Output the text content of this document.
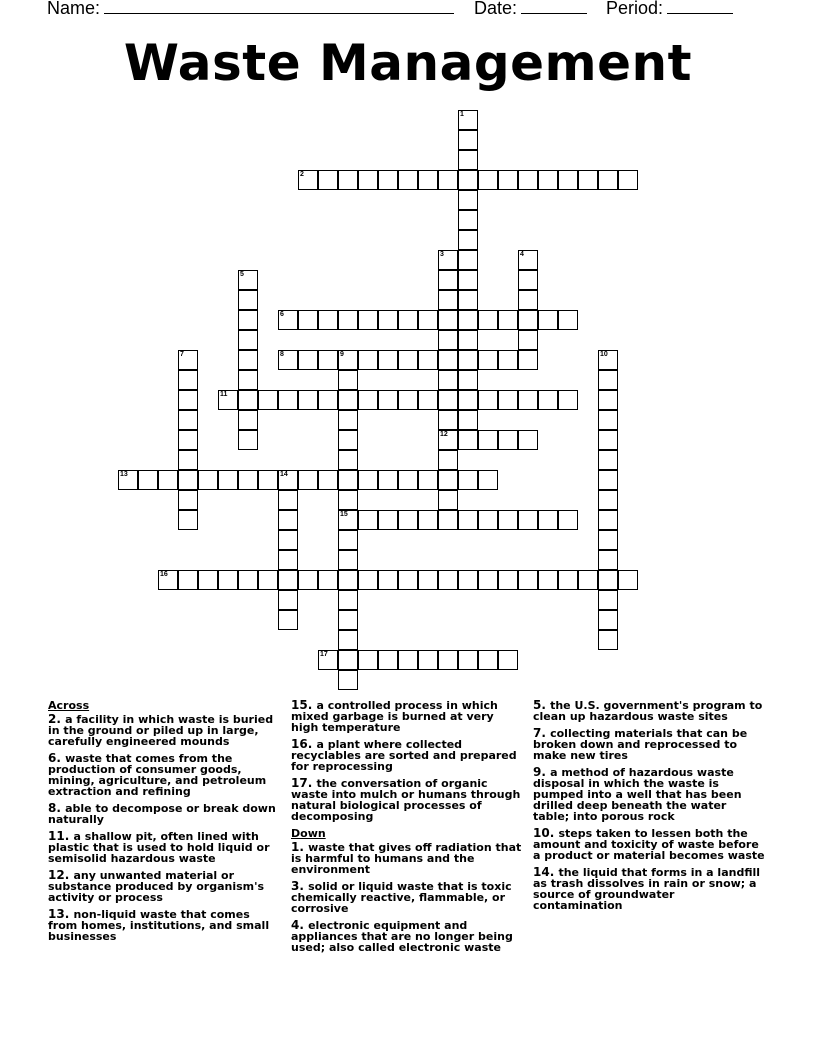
Name:	Date:	Period:
Waste Management
1
2
3
12
4
5
6
7	8	9
15
10
11
13	14
16
17
Across
2. a facility in which waste is buried in the ground or piled up in large, carefully engineered mounds
6. waste that comes from the production of consumer goods, mining, agriculture, and petroleum extraction and refining
8. able to decompose or break down naturally
11. a shallow pit, often lined with plastic that is used to hold liquid or semisolid hazardous waste
12. any unwanted material or substance produced by organism's activity or process
13. non-liquid waste that comes from homes, institutions, and small businesses
15. a controlled process in which mixed garbage is burned at very high temperature
16. a plant where collected recyclables are sorted and prepared for reprocessing
17. the conversation of organic waste into mulch or humans through natural biological processes of decomposing
Down
1. waste that gives off radiation that is harmful to humans and the environment
3. solid or liquid waste that is toxic chemically reactive, flammable, or corrosive
4. electronic equipment and appliances that are no longer being used; also called electronic waste
5. the U.S. government's program to clean up hazardous waste sites
7. collecting materials that can be broken down and reprocessed to make new tires
9. a method of hazardous waste disposal in which the waste is pumped into a well that has been drilled deep beneath the water table; into porous rock
10. steps taken to lessen both the amount and toxicity of waste before a product or material becomes waste
14. the liquid that forms in a landfill as trash dissolves in rain or snow; a source of groundwater contamination
